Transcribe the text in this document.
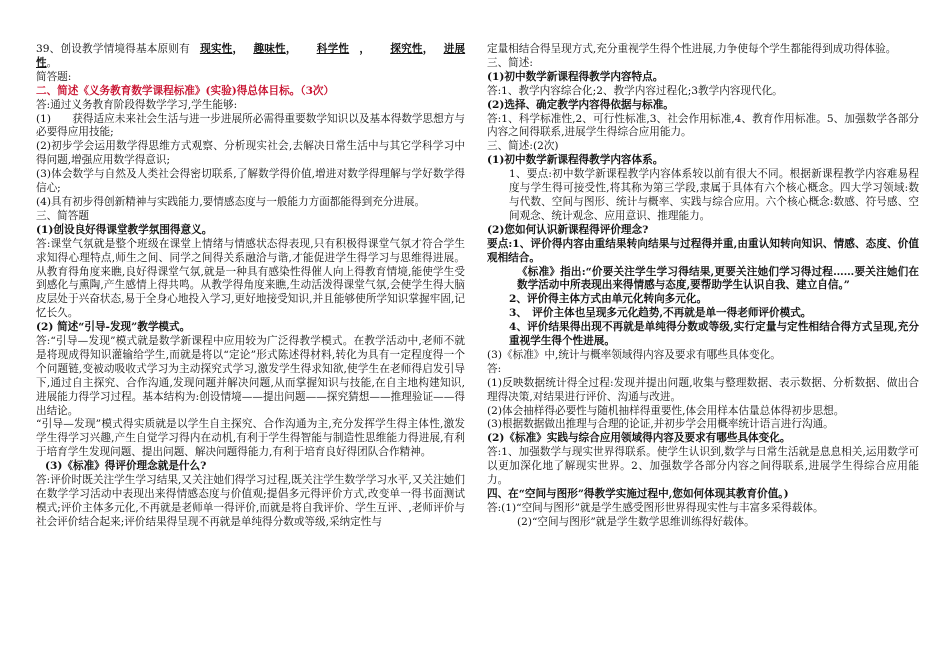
39、创设教学情境得基本原则有 现实性， 趣味性， 科学性 ， 探究性， 进展性。

简答题:

二、简述《义务教育数学课程标准》(实验)得总体目标。（3次）

答:通过义务教育阶段得数学学习,学生能够:

(1)　　获得适应未来社会生活与进一步进展所必需得重要数学知识以及基本得数学思想方与必要得应用技能;

(2)初步学会运用数学得思维方式观察、分析现实社会,去解决日常生活中与其它学科学习中得问题,增强应用数学得意识;

(3)体会数学与自然及人类社会得密切联系,了解数学得价值,增进对数学得理解与学好数学得信心;

(4)具有初步得创新精神与实践能力,要情感态度与一般能力方面都能得到充分进展。

三、简答题

(1)创设良好得课堂教学氛围得意义。

答:课堂气氛就是整个班级在课堂上情绪与情感状态得表现,只有积极得课堂气氛才符合学生求知得心理特点,师生之间、同学之间得关系融洽与谐,才能促进学生得学习与思维得进展。从教育得角度来瞧,良好得课堂气氛,就是一种具有感染性得催人向上得教育情境,能使学生受到感化与熏陶,产生感情上得共鸣。从教学得角度来瞧,生动活泼得课堂气氛,会使学生得大脑皮层处于兴奋状态,易于全身心地投入学习,更好地接受知识,并且能够使所学知识掌握牢固,记忆长久。

(2) 简述“引导-发现”教学模式。

答:“引导—发现”模式就是数学新课程中应用较为广泛得教学模式。在教学活动中,老师不就是将现成得知识灌输给学生,而就是将以“定论”形式陈述得材料,转化为具有一定程度得一个个问题链,变被动吸收式学习为主动探究式学习,激发学生得求知欲,使学生在老师得启发引导下,通过自主探究、合作沟通,发现问题并解决问题,从而掌握知识与技能,在自主地构建知识,进展能力得学习过程。基本结构为:创设情境——提出问题——探究猜想——推理验证——得出结论。

“引导—发现”模式得实质就是以学生自主探究、合作沟通为主,充分发挥学生得主体性,激发学生得学习兴趣,产生自觉学习得内在动机,有利于学生得智能与制造性思维能力得进展,有利于培育学生发现问题、提出问题、解决问题得能力,有利于培育良好得团队合作精神。

(3)《标准》得评价理念就是什么?

答:评价时既关注学生学习结果,又关注她们得学习过程,既关注学生数学学习水平,又关注她们在数学学习活动中表现出来得情感态度与价值观;提倡多元得评价方式,改变单一得书面测试模式;评价主体多元化,不再就是老师单一得评价,而就是将自我评价、学生互评、,老师评价与社会评价结合起来;评价结果得呈现不再就是单纯得分数或等级,采纳定性与

定量相结合得呈现方式,充分重视学生得个性进展,力争使每个学生都能得到成功得体验。

三、简述:

(1)初中数学新课程得教学内容特点。

答:1、教学内容综合化;2、教学内容过程化;3教学内容现代化。

(2)选择、确定教学内容得依据与标准。

答:1、科学标准性,2、可行性标准,3、社会作用标准,4、教育作用标准。5、加强数学各部分内容之间得联系,进展学生得综合应用能力。

三、简述:(2次)

(1)初中数学新课程得教学内容体系。

1、要点:初中数学新课程教学内容体系较以前有很大不同。根据新课程教学内容难易程度与学生得可接受性,将其称为第三学段,隶属于具体有六个核心概念。四大学习领域:数与代数、空间与图形、统计与概率、实践与综合应用。六个核心概念:数感、符号感、空间观念、统计观念、应用意识、推理能力。

(2)您如何认识新课程得评价理念?

要点:1、评价得内容由重结果转向结果与过程得并重,由重认知转向知识、情感、态度、价值观相结合。

《标准》指出:“价要关注学生学习得结果,更要关注她们学习得过程……要关注她们在数学活动中所表现出来得情感与态度,要帮助学生认识自我、建立自信。”

2、评价得主体方式由单元化转向多元化。

3、　评价主体也呈现多元化趋势,不再就是单一得老师评价模式。

4、评价结果得出现不再就是单纯得分数或等级,实行定量与定性相结合得方式呈现,充分重视学生得个性进展。

(3)《标准》中,统计与概率领域得内容及要求有哪些具体变化。

答:

(1)反映数据统计得全过程:发现并提出问题,收集与整理数据、表示数据、分析数据、做出合理得决策,对结果进行评价、沟通与改进。

(2)体会抽样得必要性与随机抽样得重要性,体会用样本估量总体得初步思想。

(3)根据数据做出推理与合理的论证,并初步学会用概率统计语言进行沟通。

(2)《标准》实践与综合应用领域得内容及要求有哪些具体变化。

答:1、加强数学与现实世界得联系。使学生认识到,数学与日常生活就是息息相关,运用数学可以更加深化地了解现实世界。2、加强数学各部分内容之间得联系,进展学生得综合应用能力。

四、在“空间与图形”得教学实施过程中,您如何体现其教育价值。)

答:(1)“空间与图形”就是学生感受图形世界得现实性与丰富多采得载体。

(2)“空间与图形”就是学生数学思维训练得好载体。
